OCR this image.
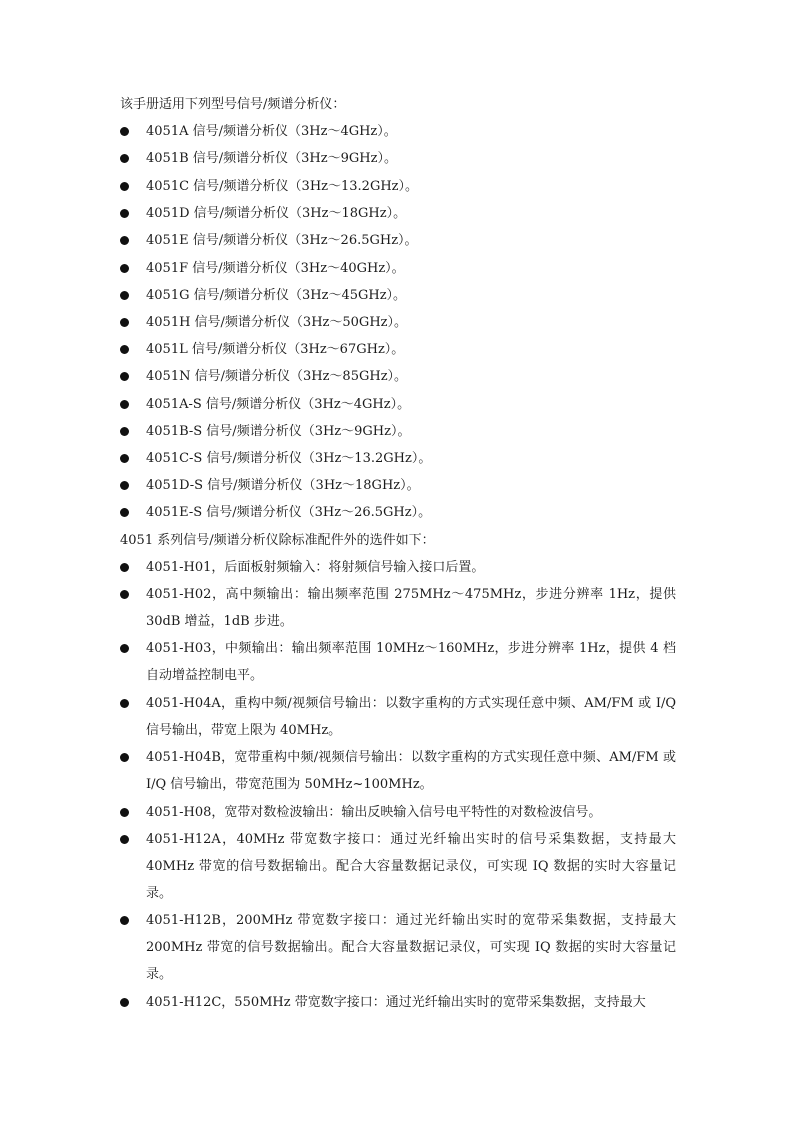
该手册适用下列型号信号/频谱分析仪：
4051A 信号/频谱分析仪（3Hz～4GHz）。
4051B 信号/频谱分析仪（3Hz～9GHz）。
4051C 信号/频谱分析仪（3Hz～13.2GHz）。
4051D 信号/频谱分析仪（3Hz～18GHz）。
4051E 信号/频谱分析仪（3Hz～26.5GHz）。
4051F 信号/频谱分析仪（3Hz～40GHz）。
4051G 信号/频谱分析仪（3Hz～45GHz）。
4051H 信号/频谱分析仪（3Hz～50GHz）。
4051L 信号/频谱分析仪（3Hz～67GHz）。
4051N 信号/频谱分析仪（3Hz～85GHz）。
4051A-S 信号/频谱分析仪（3Hz～4GHz）。
4051B-S 信号/频谱分析仪（3Hz～9GHz）。
4051C-S 信号/频谱分析仪（3Hz～13.2GHz）。
4051D-S 信号/频谱分析仪（3Hz～18GHz）。
4051E-S 信号/频谱分析仪（3Hz～26.5GHz）。
4051 系列信号/频谱分析仪除标准配件外的选件如下：
4051-H01，后面板射频输入：将射频信号输入接口后置。
4051-H02，高中频输出：输出频率范围 275MHz～475MHz，步进分辨率 1Hz，提供 30dB 增益，1dB 步进。
4051-H03，中频输出：输出频率范围 10MHz～160MHz，步进分辨率 1Hz，提供 4 档自动增益控制电平。
4051-H04A，重构中频/视频信号输出：以数字重构的方式实现任意中频、AM/FM 或 I/Q 信号输出，带宽上限为 40MHz。
4051-H04B，宽带重构中频/视频信号输出：以数字重构的方式实现任意中频、AM/FM 或 I/Q 信号输出，带宽范围为 50MHz~100MHz。
4051-H08，宽带对数检波输出：输出反映输入信号电平特性的对数检波信号。
4051-H12A，40MHz 带宽数字接口：通过光纤输出实时的信号采集数据，支持最大 40MHz 带宽的信号数据输出。配合大容量数据记录仪，可实现 IQ 数据的实时大容量记录。
4051-H12B，200MHz 带宽数字接口：通过光纤输出实时的宽带采集数据，支持最大 200MHz 带宽的信号数据输出。配合大容量数据记录仪，可实现 IQ 数据的实时大容量记录。
4051-H12C，550MHz 带宽数字接口：通过光纤输出实时的宽带采集数据，支持最大
